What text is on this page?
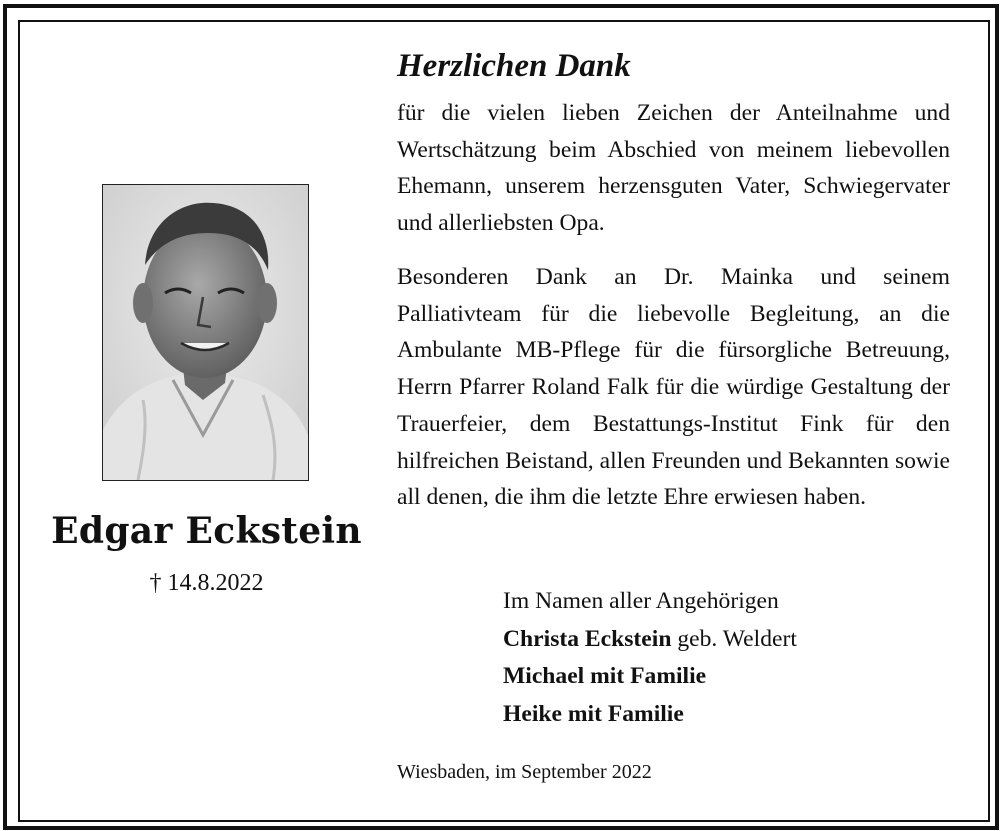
Edgar Eckstein
† 14.8.2022
Herzlichen Dank
für die vielen lieben Zeichen der Anteilnahme und Wertschätzung beim Abschied von meinem liebevollen Ehemann, unserem herzensguten Vater, Schwiegervater und allerliebsten Opa.
Besonderen Dank an Dr. Mainka und seinem Palliativteam für die liebevolle Begleitung, an die Ambulante MB-Pflege für die fürsorgliche Betreuung, Herrn Pfarrer Roland Falk für die würdige Gestaltung der Trauerfeier, dem Bestattungs-Institut Fink für den hilfreichen Beistand, allen Freunden und Bekannten sowie all denen, die ihm die letzte Ehre erwiesen haben.
Im Namen aller Angehörigen
Christa Eckstein geb. Weldert
Michael mit Familie
Heike mit Familie
Wiesbaden, im September 2022
